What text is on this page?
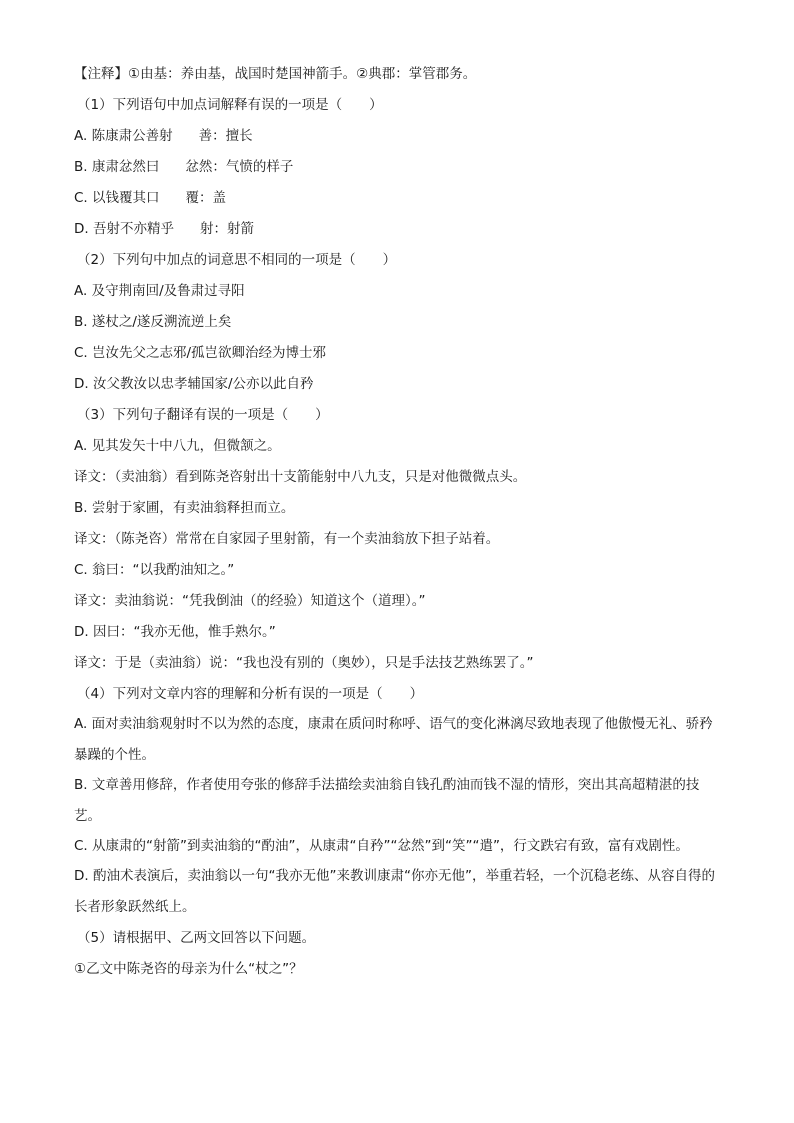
【注释】①由基：养由基，战国时楚国神箭手。②典郡：掌管郡务。

（1）下列语句中加点词解释有误的一项是（　　）

A. 陈康肃公善射 善：擅长

B. 康肃忿然曰 忿然：气愤的样子

C. 以钱覆其口 覆：盖

D. 吾射不亦精乎 射：射箭

（2）下列句中加点的词意思不相同的一项是（　　）

A. 及守荆南回/及鲁肃过寻阳

B. 遂杖之/遂反溯流逆上矣

C. 岂汝先父之志邪/孤岂欲卿治经为博士邪

D. 汝父教汝以忠孝辅国家/公亦以此自矜

（3）下列句子翻译有误的一项是（　　）

A. 见其发矢十中八九，但微颔之。

译文：（卖油翁）看到陈尧咨射出十支箭能射中八九支，只是对他微微点头。

B. 尝射于家圃，有卖油翁释担而立。

译文：（陈尧咨）常常在自家园子里射箭，有一个卖油翁放下担子站着。

C. 翁曰：“以我酌油知之。”

译文：卖油翁说：“凭我倒油（的经验）知道这个（道理）。”

D. 因曰：“我亦无他，惟手熟尔。”

译文：于是（卖油翁）说：“我也没有别的（奥妙），只是手法技艺熟练罢了。”

（4）下列对文章内容的理解和分析有误的一项是（　　）

A. 面对卖油翁观射时不以为然的态度，康肃在质问时称呼、语气的变化淋漓尽致地表现了他傲慢无礼、骄矜暴躁的个性。

B. 文章善用修辞，作者使用夸张的修辞手法描绘卖油翁自钱孔酌油而钱不湿的情形，突出其高超精湛的技艺。

C. 从康肃的“射箭”到卖油翁的“酌油”，从康肃“自矜”“忿然”到“笑”“遣”，行文跌宕有致，富有戏剧性。

D. 酌油术表演后，卖油翁以一句“我亦无他”来教训康肃“你亦无他”，举重若轻，一个沉稳老练、从容自得的长者形象跃然纸上。

（5）请根据甲、乙两文回答以下问题。

①乙文中陈尧咨的母亲为什么“杖之”？
